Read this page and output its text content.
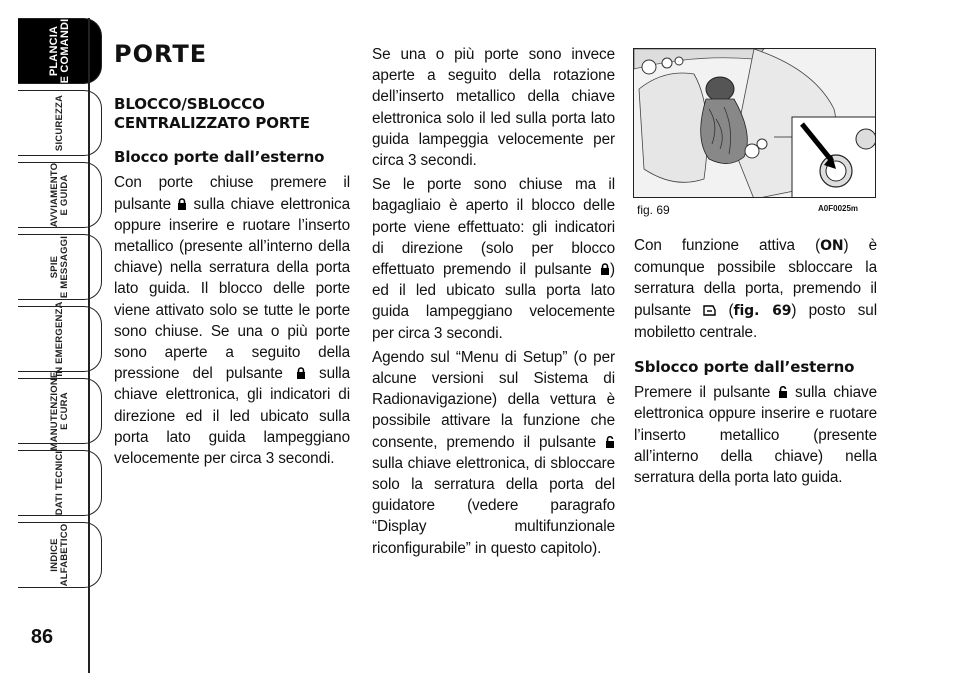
PLANCIA
E COMANDI
SICUREZZA
AVVIAMENTO
E GUIDA
SPIE
E MESSAGGI
IN EMERGENZA
MANUTENZIONE
E CURA
DATI TECNICI
INDICE
ALFABETICO
86
PORTE
BLOCCO/SBLOCCO CENTRALIZZATO PORTE
Blocco porte dall’esterno

Con porte chiuse premere il pulsante  sulla chiave elettronica oppure inserire e ruotare l’inserto metallico (presente all’interno della chiave) nella serratura della porta lato guida. Il blocco delle porte viene attivato solo se tutte le porte sono chiuse. Se una o più porte sono aperte a seguito della pressione del pulsante  sulla chiave elettronica, gli indicatori di direzione ed il led ubicato sulla porta lato guida lampeggiano velocemente per circa 3 secondi.

Se una o più porte sono invece aperte a seguito della rotazione dell’inserto metallico della chiave elettronica solo il led sulla porta lato guida lampeggia velocemente per circa 3 secondi.

Se le porte sono chiuse ma il bagagliaio è aperto il blocco delle porte viene effettuato: gli indicatori di direzione (solo per blocco effettuato premendo il pulsante ) ed il led ubicato sulla porta lato guida lampeggiano velocemente per circa 3 secondi.

Agendo sul “Menu di Setup” (o per alcune versioni sul Sistema di Radionavigazione) della vettura è possibile attivare la funzione che consente, premendo il pulsante  sulla chiave elettronica, di sbloccare solo la serratura della porta del guidatore (vedere paragrafo “Display multifunzionale riconfigurabile” in questo capitolo).

fig. 69	A0F0025m

Con funzione attiva (ON) è comunque possibile sbloccare la serratura della porta, premendo il pulsante  (fig. 69) posto sul mobiletto centrale.

Sblocco porte dall’esterno

Premere il pulsante  sulla chiave elettronica oppure inserire e ruotare l’inserto metallico (presente all’interno della chiave) nella serratura della porta lato guida.
